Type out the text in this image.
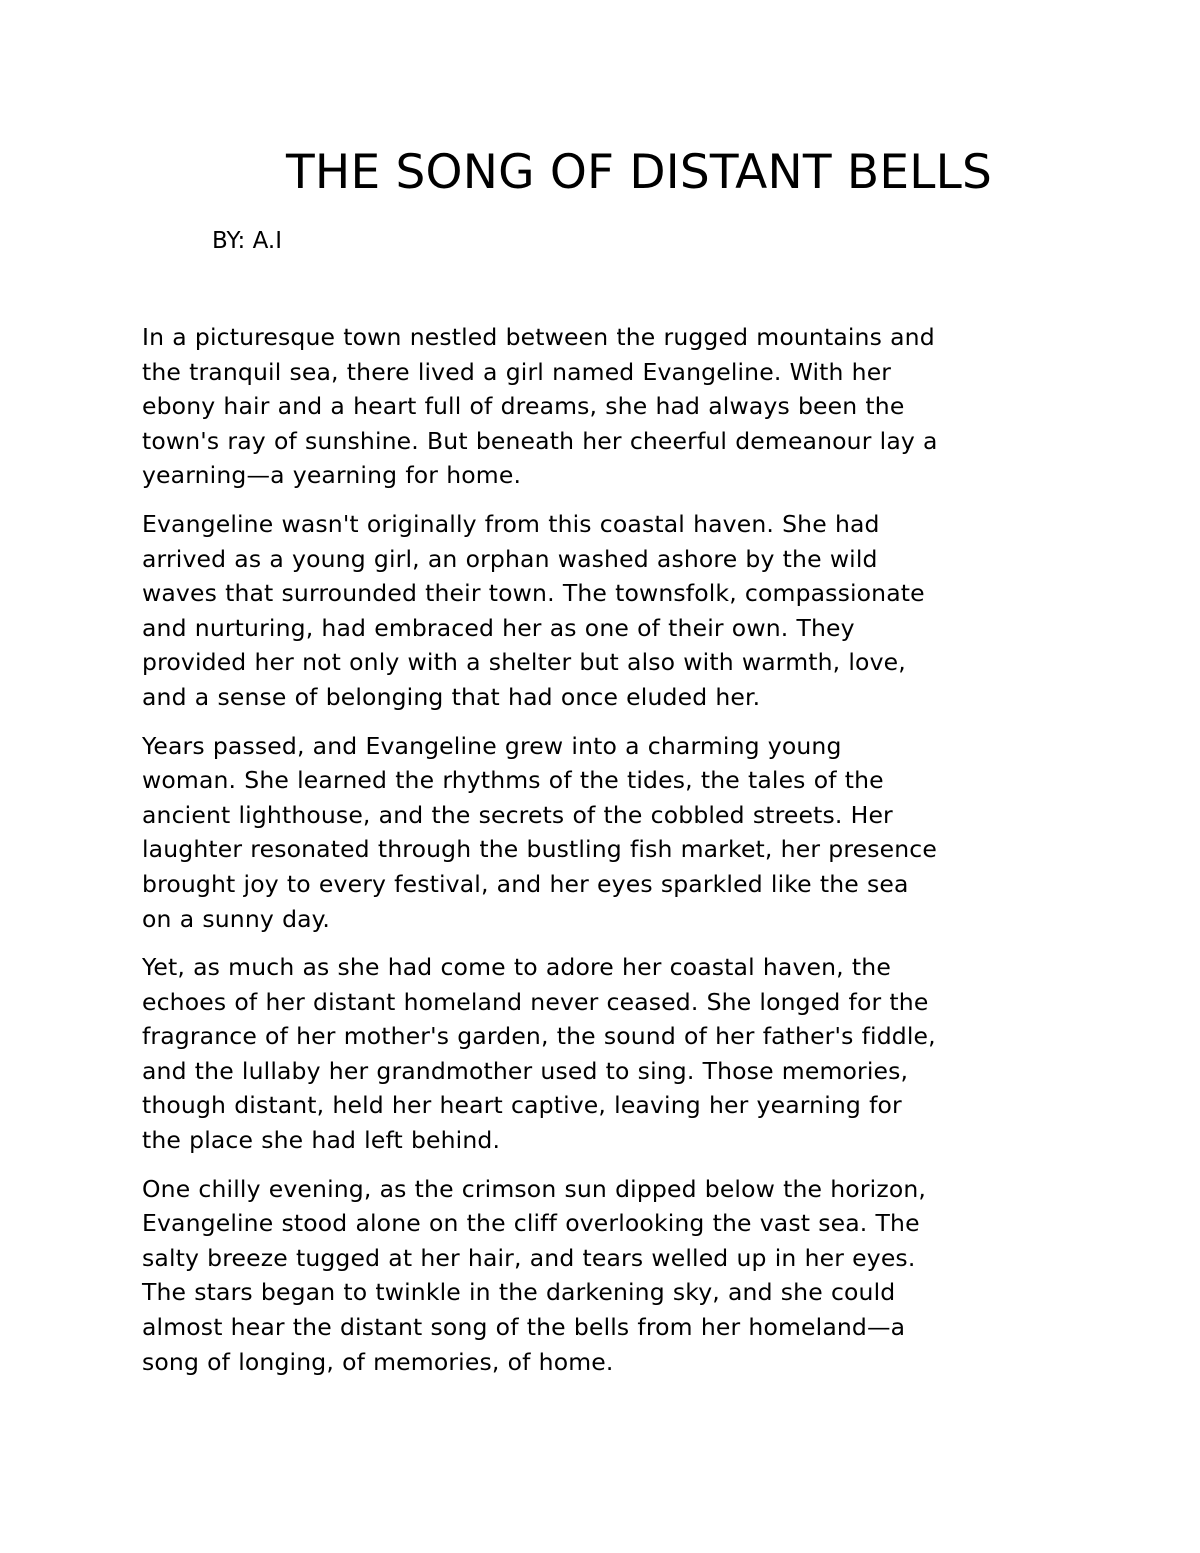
THE SONG OF DISTANT BELLS

BY: A.I

In a picturesque town nestled between the rugged mountains and
the tranquil sea, there lived a girl named Evangeline. With her
ebony hair and a heart full of dreams, she had always been the
town's ray of sunshine. But beneath her cheerful demeanour lay a
yearning—a yearning for home.

Evangeline wasn't originally from this coastal haven. She had
arrived as a young girl, an orphan washed ashore by the wild
waves that surrounded their town. The townsfolk, compassionate
and nurturing, had embraced her as one of their own. They
provided her not only with a shelter but also with warmth, love,
and a sense of belonging that had once eluded her.

Years passed, and Evangeline grew into a charming young
woman. She learned the rhythms of the tides, the tales of the
ancient lighthouse, and the secrets of the cobbled streets. Her
laughter resonated through the bustling fish market, her presence
brought joy to every festival, and her eyes sparkled like the sea
on a sunny day.

Yet, as much as she had come to adore her coastal haven, the
echoes of her distant homeland never ceased. She longed for the
fragrance of her mother's garden, the sound of her father's fiddle,
and the lullaby her grandmother used to sing. Those memories,
though distant, held her heart captive, leaving her yearning for
the place she had left behind.

One chilly evening, as the crimson sun dipped below the horizon,
Evangeline stood alone on the cliff overlooking the vast sea. The
salty breeze tugged at her hair, and tears welled up in her eyes.
The stars began to twinkle in the darkening sky, and she could
almost hear the distant song of the bells from her homeland—a
song of longing, of memories, of home.
